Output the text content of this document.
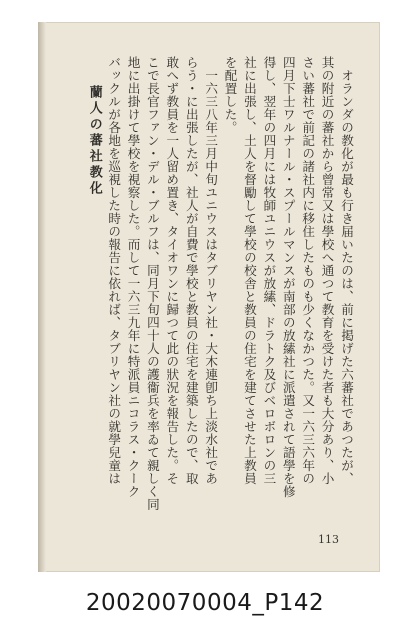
オランダの教化が最も行き届いたのは、前に掲げた六蕃社であつたが、

其の附近の蕃社から曾常又は學校へ通つて教育を受けた者も大分あり、小

さい蕃社で前記の諸社内に移住したものも少くなかつた。又一六三六年の

四月下士ワルナール・スプールマンスが南部の放縤社に派遣されて語學を修

得し、翌年の四月には牧師ユニウスが放縤、ドラトク及びベロボロンの三

社に出張し、土人を督勵して學校の校舎と教員の住宅を建てさせた上教員

を配置した。

一六三八年三月中旬ユニウスはタブリヤン社・大木連卽ち上淡水社であ

らう・に出張したが、社人が自費で學校と教員の住宅を建築したので、取

敢へず教員を一人留め置き、タイオワンに歸つて此の狀況を報告した。そ

こで長官ファン・デル・ブルフは、同月下旬四十人の護衞兵を率ゐて親しく同

地に出掛けて學校を視察した。而して一六三九年に特派員ニコラス・クーク

バックルが各地を巡視した時の報告に依れば、タブリヤン社の就學兒童は

蘭人の蕃社教化

113
20020070004_P142
